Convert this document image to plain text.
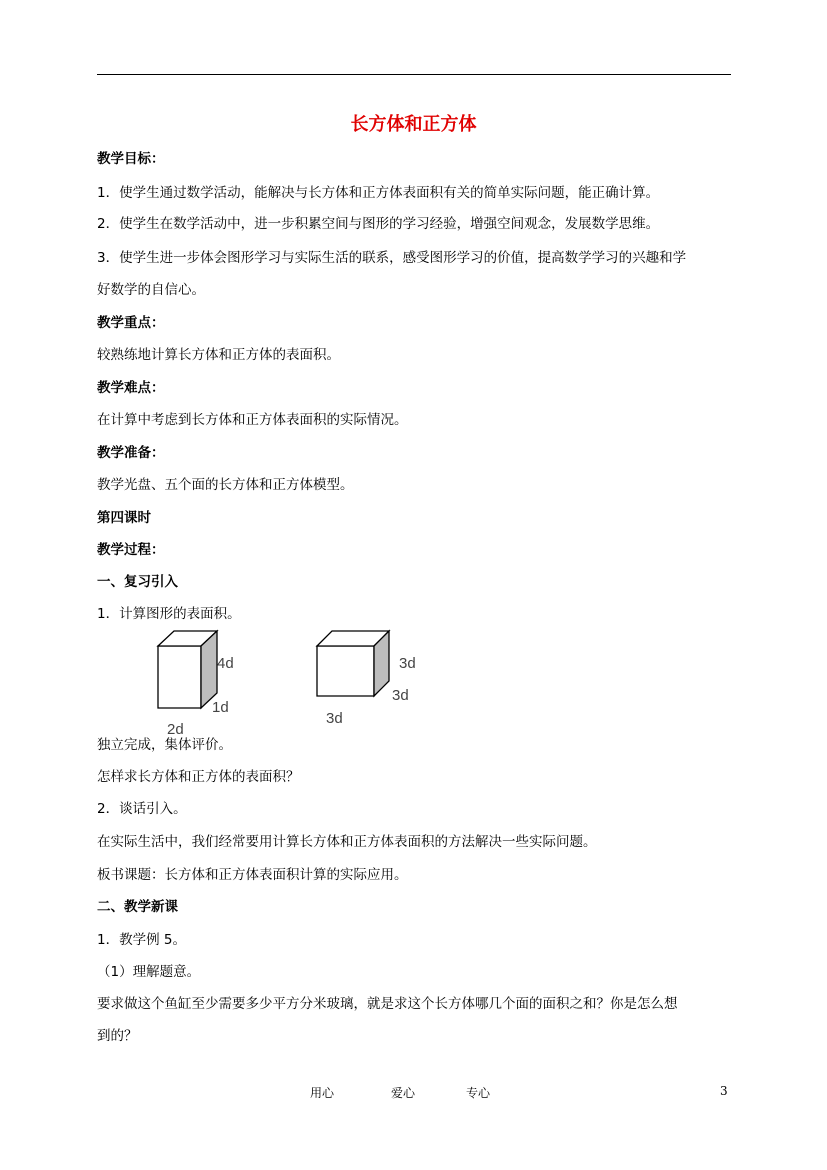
长方体和正方体
教学目标：
1．使学生通过数学活动，能解决与长方体和正方体表面积有关的简单实际问题，能正确计算。
2．使学生在数学活动中，进一步积累空间与图形的学习经验，增强空间观念，发展数学思维。
3．使学生进一步体会图形学习与实际生活的联系，感受图形学习的价值，提高数学学习的兴趣和学
好数学的自信心。
教学重点：
较熟练地计算长方体和正方体的表面积。
教学难点：
在计算中考虑到长方体和正方体表面积的实际情况。
教学准备：
教学光盘、五个面的长方体和正方体模型。
第四课时
教学过程：
一、复习引入
1．计算图形的表面积。
4d
1d
2d
3d
3d
3d
独立完成，集体评价。
怎样求长方体和正方体的表面积？
2．谈话引入。
在实际生活中，我们经常要用计算长方体和正方体表面积的方法解决一些实际问题。
板书课题：长方体和正方体表面积计算的实际应用。
二、教学新课
1．教学例 5。
（1）理解题意。
要求做这个鱼缸至少需要多少平方分米玻璃，就是求这个长方体哪几个面的面积之和？你是怎么想
到的？
用心	爱心	专心	3
